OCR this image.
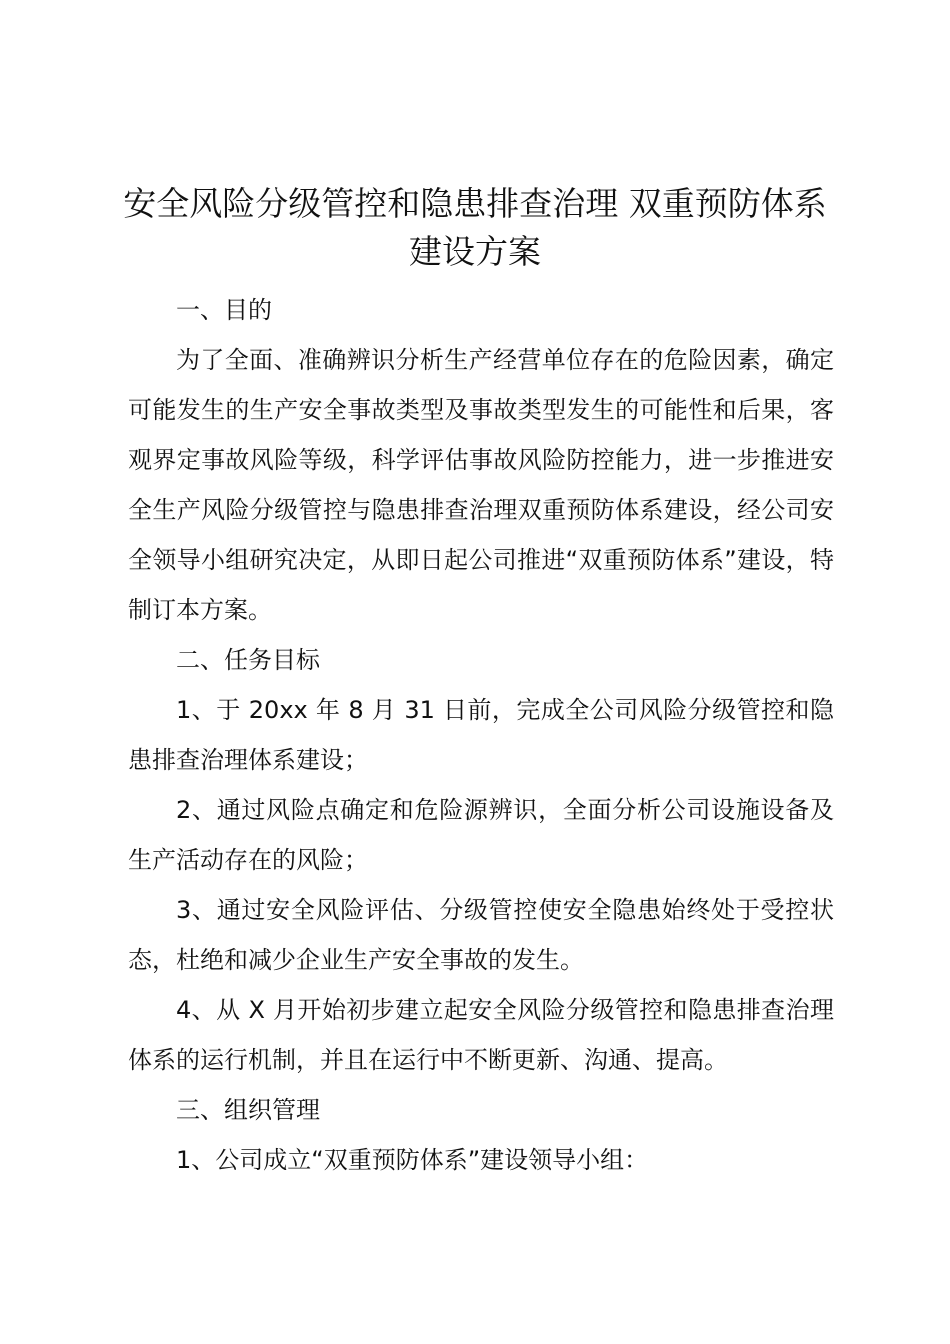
安全风险分级管控和隐患排查治理 双重预防体系建设方案

一、目的

为了全面、准确辨识分析生产经营单位存在的危险因素，确定可能发生的生产安全事故类型及事故类型发生的可能性和后果，客观界定事故风险等级，科学评估事故风险防控能力，进一步推进安全生产风险分级管控与隐患排查治理双重预防体系建设，经公司安全领导小组研究决定，从即日起公司推进“双重预防体系”建设，特制订本方案。

二、任务目标

1、于 20xx 年 8 月 31 日前，完成全公司风险分级管控和隐患排查治理体系建设；

2、通过风险点确定和危险源辨识，全面分析公司设施设备及生产活动存在的风险；

3、通过安全风险评估、分级管控使安全隐患始终处于受控状态，杜绝和减少企业生产安全事故的发生。

4、从 X 月开始初步建立起安全风险分级管控和隐患排查治理体系的运行机制，并且在运行中不断更新、沟通、提高。

三、组织管理

1、公司成立“双重预防体系”建设领导小组：
